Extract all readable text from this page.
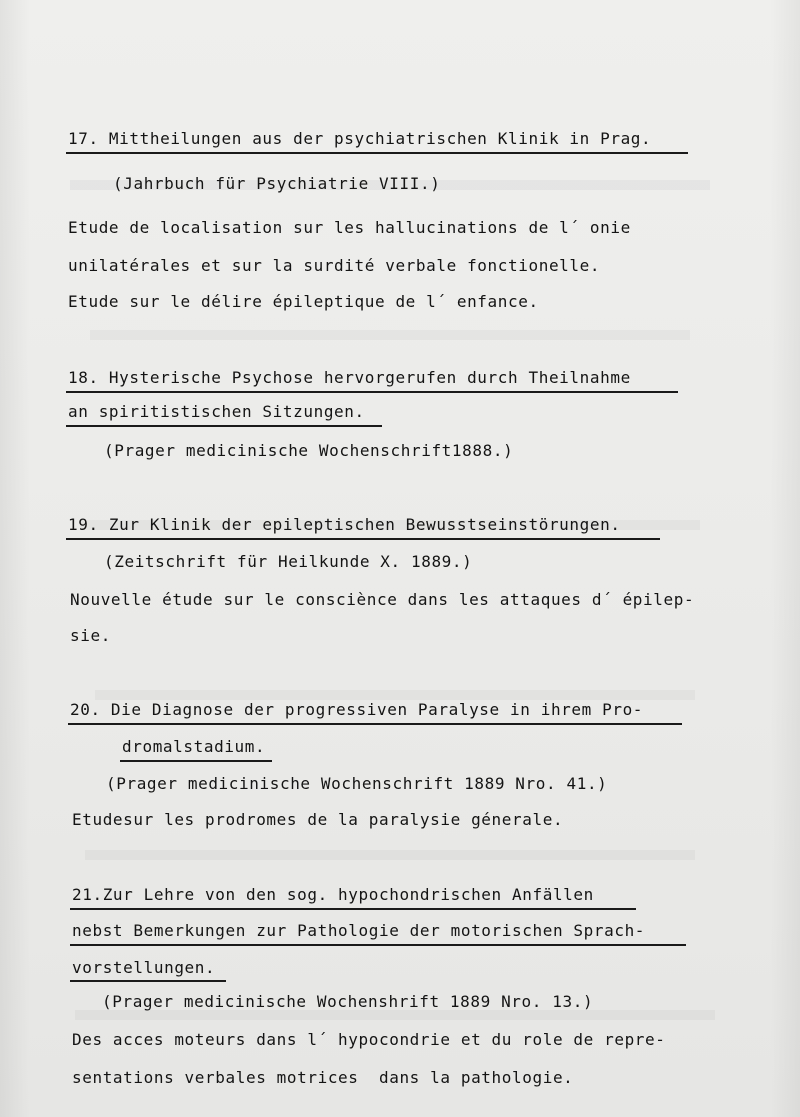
17. Mittheilungen aus der psychiatrischen Klinik in Prag.
(Jahrbuch für Psychiatrie VIII.)
Etude de localisation sur les hallucinations de l´ onie
unilatérales et sur la surdité verbale fonctionelle.
Etude sur le délire épileptique de l´ enfance.
18. Hysterische Psychose hervorgerufen durch Theilnahme
an spiritistischen Sitzungen.
(Prager medicinische Wochenschrift1888.)
19. Zur Klinik der epileptischen Bewusstseinstörungen.
(Zeitschrift für Heilkunde X. 1889.)
Nouvelle étude sur le consciènce dans les attaques d´ épilep-
sie.
20. Die Diagnose der progressiven Paralyse in ihrem Pro-
dromalstadium.
(Prager medicinische Wochenschrift 1889 Nro. 41.)
Etudesur les prodromes de la paralysie génerale.
21.Zur Lehre von den sog. hypochondrischen Anfällen
nebst Bemerkungen zur Pathologie der motorischen Sprach-
vorstellungen.
(Prager medicinische Wochenshrift 1889 Nro. 13.)
Des acces moteurs dans l´ hypocondrie et du role de repre-
sentations verbales motrices  dans la pathologie.
